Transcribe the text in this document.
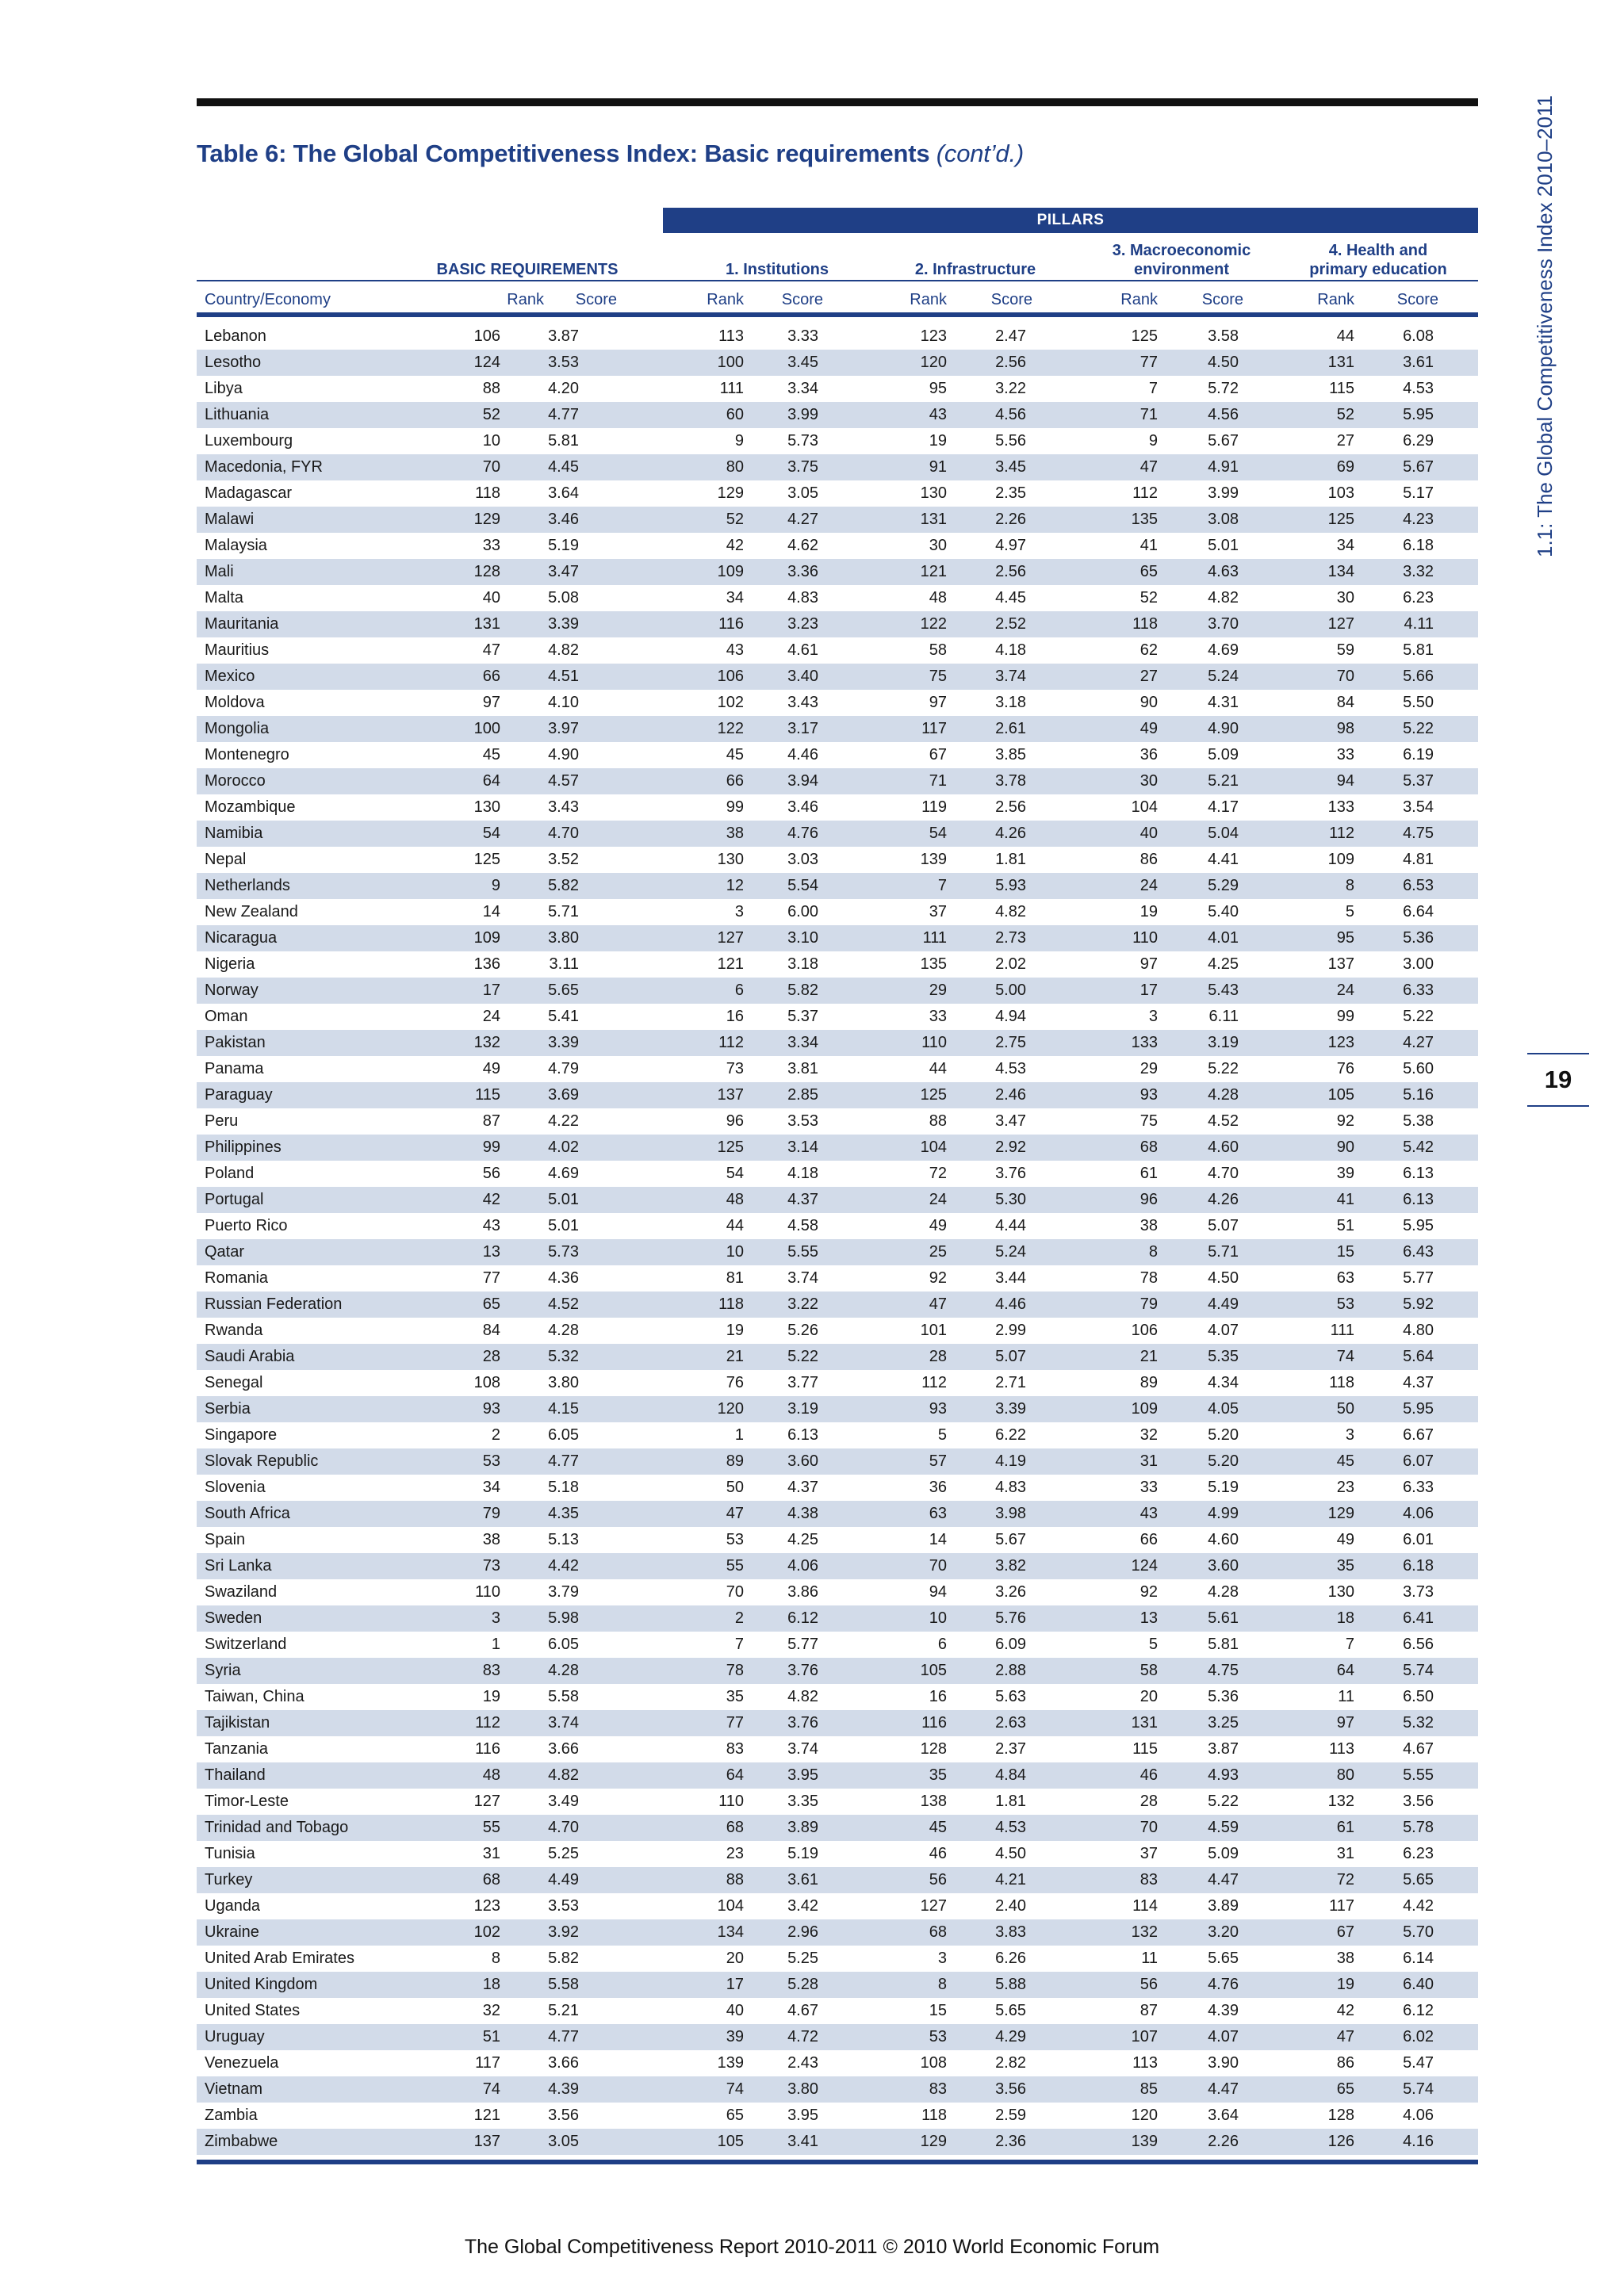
Table 6: The Global Competitiveness Index: Basic requirements (cont’d.)	1.1: The Global Competitiveness Index 2010–2011
19
PILLARS
BASIC REQUIREMENTS	1. Institutions	2. Infrastructure
3. Macroeconomic
environment
4. Health and
primary education
Country/Economy	Rank	Score	Rank	Score	Rank	Score	Rank	Score	Rank	Score
Lebanon	106	3.87	113	3.33	123	2.47	125	3.58	44	6.08
Lesotho	124	3.53	100	3.45	120	2.56	77	4.50	131	3.61
Libya	88	4.20	111	3.34	95	3.22	7	5.72	115	4.53
Lithuania	52	4.77	60	3.99	43	4.56	71	4.56	52	5.95
Luxembourg	10	5.81	9	5.73	19	5.56	9	5.67	27	6.29
Macedonia, FYR	70	4.45	80	3.75	91	3.45	47	4.91	69	5.67
Madagascar	118	3.64	129	3.05	130	2.35	112	3.99	103	5.17
Malawi	129	3.46	52	4.27	131	2.26	135	3.08	125	4.23
Malaysia	33	5.19	42	4.62	30	4.97	41	5.01	34	6.18
Mali	128	3.47	109	3.36	121	2.56	65	4.63	134	3.32
Malta	40	5.08	34	4.83	48	4.45	52	4.82	30	6.23
Mauritania	131	3.39	116	3.23	122	2.52	118	3.70	127	4.11
Mauritius	47	4.82	43	4.61	58	4.18	62	4.69	59	5.81
Mexico	66	4.51	106	3.40	75	3.74	27	5.24	70	5.66
Moldova	97	4.10	102	3.43	97	3.18	90	4.31	84	5.50
Mongolia	100	3.97	122	3.17	117	2.61	49	4.90	98	5.22
Montenegro	45	4.90	45	4.46	67	3.85	36	5.09	33	6.19
Morocco	64	4.57	66	3.94	71	3.78	30	5.21	94	5.37
Mozambique	130	3.43	99	3.46	119	2.56	104	4.17	133	3.54
Namibia	54	4.70	38	4.76	54	4.26	40	5.04	112	4.75
Nepal	125	3.52	130	3.03	139	1.81	86	4.41	109	4.81
Netherlands	9	5.82	12	5.54	7	5.93	24	5.29	8	6.53
New Zealand	14	5.71	3	6.00	37	4.82	19	5.40	5	6.64
Nicaragua	109	3.80	127	3.10	111	2.73	110	4.01	95	5.36
Nigeria	136	3.11	121	3.18	135	2.02	97	4.25	137	3.00
Norway	17	5.65	6	5.82	29	5.00	17	5.43	24	6.33
Oman	24	5.41	16	5.37	33	4.94	3	6.11	99	5.22
Pakistan	132	3.39	112	3.34	110	2.75	133	3.19	123	4.27
Panama	49	4.79	73	3.81	44	4.53	29	5.22	76	5.60
Paraguay	115	3.69	137	2.85	125	2.46	93	4.28	105	5.16
Peru	87	4.22	96	3.53	88	3.47	75	4.52	92	5.38
Philippines	99	4.02	125	3.14	104	2.92	68	4.60	90	5.42
Poland	56	4.69	54	4.18	72	3.76	61	4.70	39	6.13
Portugal	42	5.01	48	4.37	24	5.30	96	4.26	41	6.13
Puerto Rico	43	5.01	44	4.58	49	4.44	38	5.07	51	5.95
Qatar	13	5.73	10	5.55	25	5.24	8	5.71	15	6.43
Romania	77	4.36	81	3.74	92	3.44	78	4.50	63	5.77
Russian Federation	65	4.52	118	3.22	47	4.46	79	4.49	53	5.92
Rwanda	84	4.28	19	5.26	101	2.99	106	4.07	111	4.80
Saudi Arabia	28	5.32	21	5.22	28	5.07	21	5.35	74	5.64
Senegal	108	3.80	76	3.77	112	2.71	89	4.34	118	4.37
Serbia	93	4.15	120	3.19	93	3.39	109	4.05	50	5.95
Singapore	2	6.05	1	6.13	5	6.22	32	5.20	3	6.67
Slovak Republic	53	4.77	89	3.60	57	4.19	31	5.20	45	6.07
Slovenia	34	5.18	50	4.37	36	4.83	33	5.19	23	6.33
South Africa	79	4.35	47	4.38	63	3.98	43	4.99	129	4.06
Spain	38	5.13	53	4.25	14	5.67	66	4.60	49	6.01
Sri Lanka	73	4.42	55	4.06	70	3.82	124	3.60	35	6.18
Swaziland	110	3.79	70	3.86	94	3.26	92	4.28	130	3.73
Sweden	3	5.98	2	6.12	10	5.76	13	5.61	18	6.41
Switzerland	1	6.05	7	5.77	6	6.09	5	5.81	7	6.56
Syria	83	4.28	78	3.76	105	2.88	58	4.75	64	5.74
Taiwan, China	19	5.58	35	4.82	16	5.63	20	5.36	11	6.50
Tajikistan	112	3.74	77	3.76	116	2.63	131	3.25	97	5.32
Tanzania	116	3.66	83	3.74	128	2.37	115	3.87	113	4.67
Thailand	48	4.82	64	3.95	35	4.84	46	4.93	80	5.55
Timor-Leste	127	3.49	110	3.35	138	1.81	28	5.22	132	3.56
Trinidad and Tobago	55	4.70	68	3.89	45	4.53	70	4.59	61	5.78
Tunisia	31	5.25	23	5.19	46	4.50	37	5.09	31	6.23
Turkey	68	4.49	88	3.61	56	4.21	83	4.47	72	5.65
Uganda	123	3.53	104	3.42	127	2.40	114	3.89	117	4.42
Ukraine	102	3.92	134	2.96	68	3.83	132	3.20	67	5.70
United Arab Emirates	8	5.82	20	5.25	3	6.26	11	5.65	38	6.14
United Kingdom	18	5.58	17	5.28	8	5.88	56	4.76	19	6.40
United States	32	5.21	40	4.67	15	5.65	87	4.39	42	6.12
Uruguay	51	4.77	39	4.72	53	4.29	107	4.07	47	6.02
Venezuela	117	3.66	139	2.43	108	2.82	113	3.90	86	5.47
Vietnam	74	4.39	74	3.80	83	3.56	85	4.47	65	5.74
Zambia	121	3.56	65	3.95	118	2.59	120	3.64	128	4.06
Zimbabwe	137	3.05	105	3.41	129	2.36	139	2.26	126	4.16
The Global Competitiveness Report 2010-2011 © 2010 World Economic Forum
